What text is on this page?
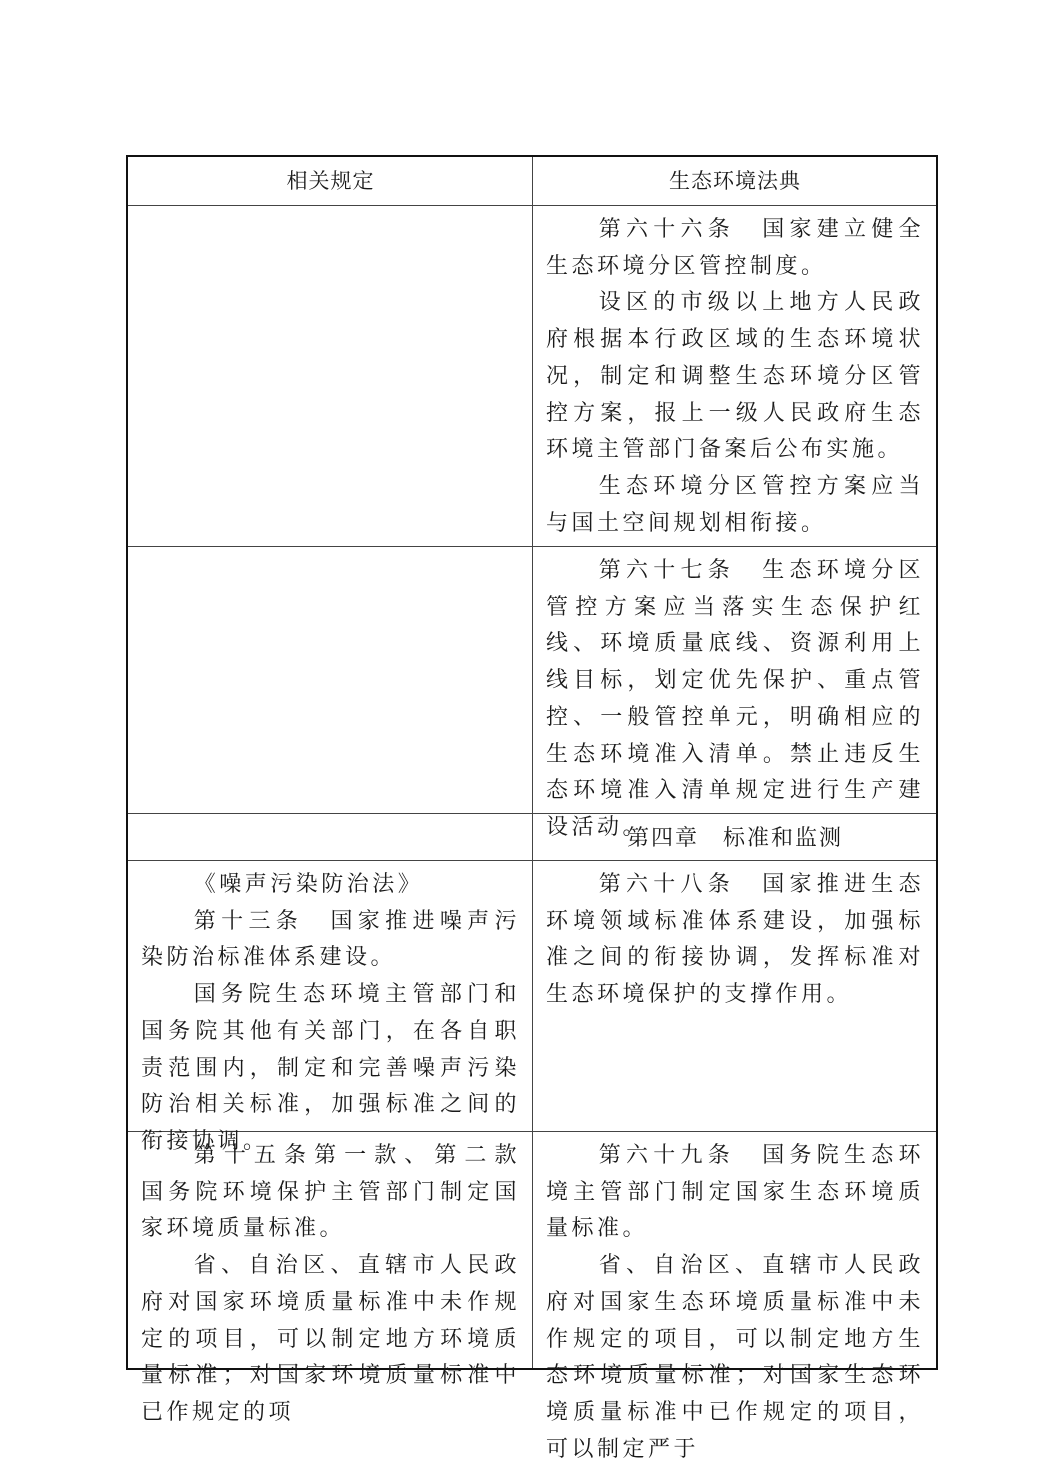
相关规定	生态环境法典

第六十六条　国家建立健全生态环境分区管控制度。

设区的市级以上地方人民政府根据本行政区域的生态环境状况，制定和调整生态环境分区管控方案，报上一级人民政府生态环境主管部门备案后公布实施。

生态环境分区管控方案应当与国土空间规划相衔接。

第六十七条　生态环境分区管控方案应当落实生态保护红线、环境质量底线、资源利用上线目标，划定优先保护、重点管控、一般管控单元，明确相应的生态环境准入清单。禁止违反生态环境准入清单规定进行生产建设活动。

第四章　标准和监测

《噪声污染防治法》

第十三条　国家推进噪声污染防治标准体系建设。

国务院生态环境主管部门和国务院其他有关部门，在各自职责范围内，制定和完善噪声污染防治相关标准，加强标准之间的衔接协调。

第六十八条　国家推进生态环境领域标准体系建设，加强标准之间的衔接协调，发挥标准对生态环境保护的支撑作用。

第十五条第一款、第二款　国务院环境保护主管部门制定国家环境质量标准。

省、自治区、直辖市人民政府对国家环境质量标准中未作规定的项目，可以制定地方环境质量标准；对国家环境质量标准中已作规定的项

第六十九条　国务院生态环境主管部门制定国家生态环境质量标准。

省、自治区、直辖市人民政府对国家生态环境质量标准中未作规定的项目，可以制定地方生态环境质量标准；对国家生态环境质量标准中已作规定的项目，可以制定严于
